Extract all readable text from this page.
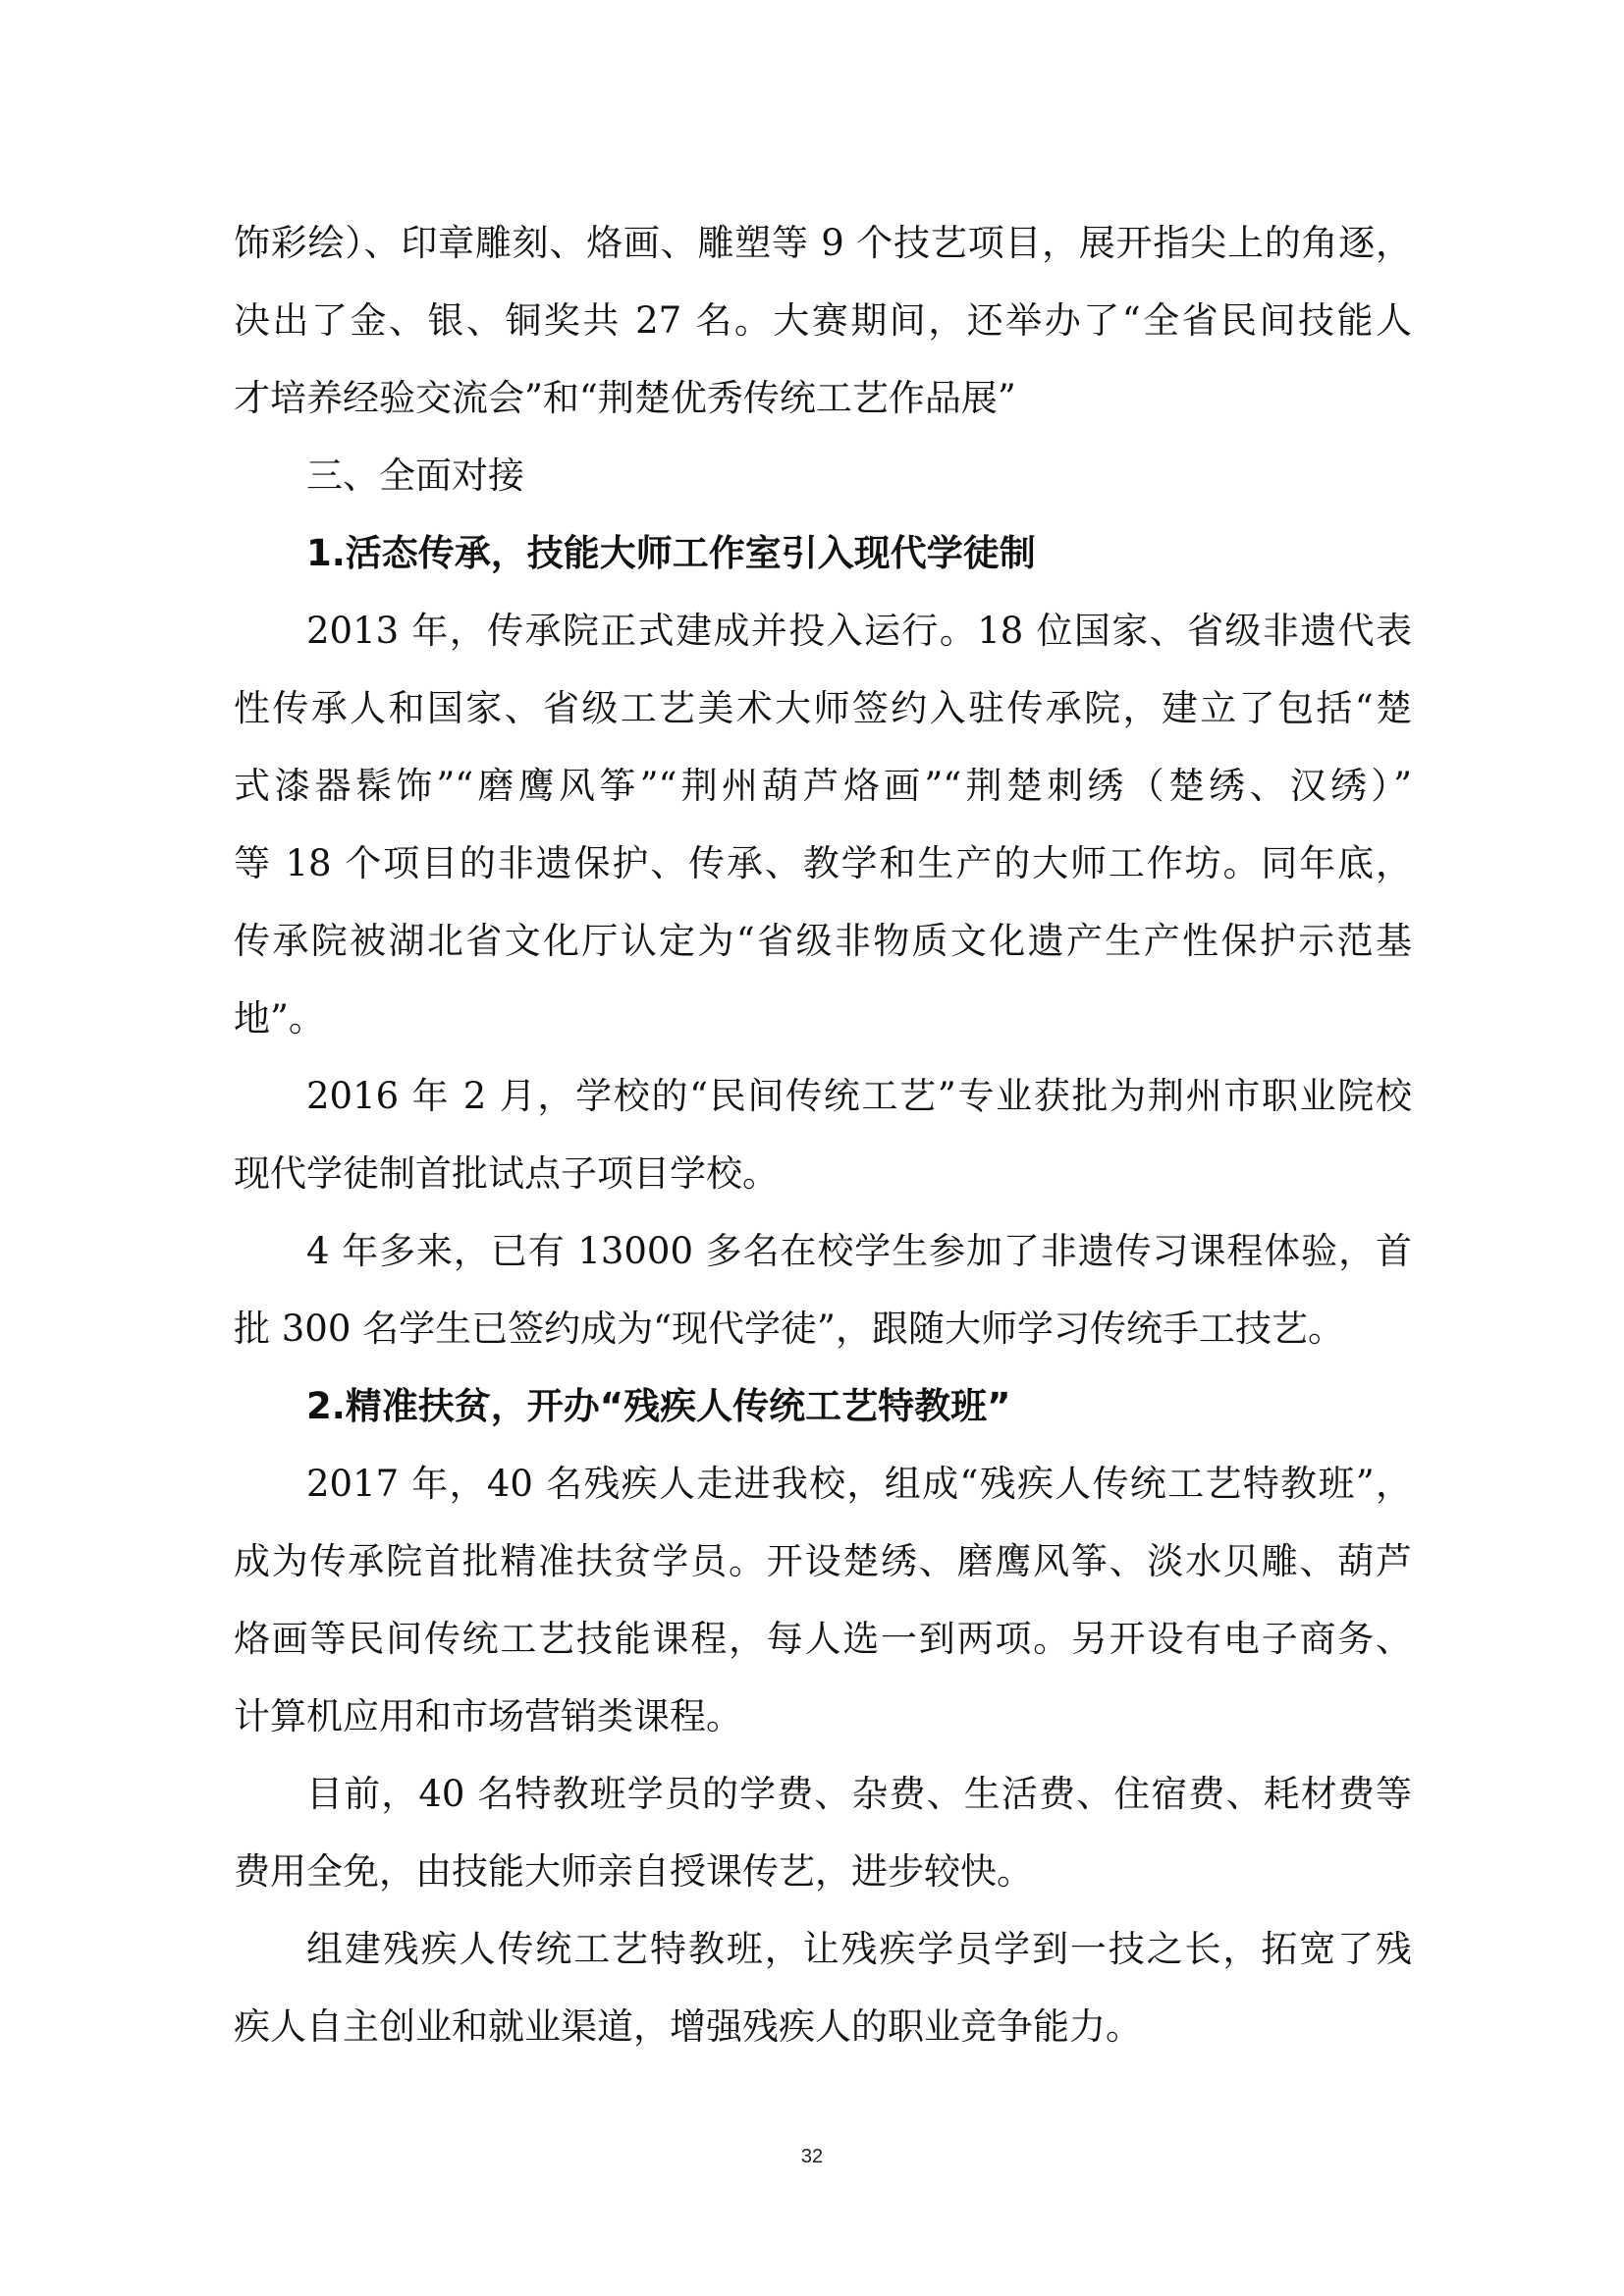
饰彩绘）、印章雕刻、烙画、雕塑等 9 个技艺项目，展开指尖上的角逐，
决出了金、银、铜奖共 27 名。大赛期间，还举办了“全省民间技能人
才培养经验交流会”和“荆楚优秀传统工艺作品展”

三、全面对接

1.活态传承，技能大师工作室引入现代学徒制

2013 年，传承院正式建成并投入运行。18 位国家、省级非遗代表
性传承人和国家、省级工艺美术大师签约入驻传承院，建立了包括“楚
式漆器髹饰”“磨鹰风筝”“荆州葫芦烙画”“荆楚刺绣（楚绣、汉绣）”
等 18 个项目的非遗保护、传承、教学和生产的大师工作坊。同年底，
传承院被湖北省文化厅认定为“省级非物质文化遗产生产性保护示范基
地”。

2016 年 2 月，学校的“民间传统工艺”专业获批为荆州市职业院校
现代学徒制首批试点子项目学校。

4 年多来，已有 13000 多名在校学生参加了非遗传习课程体验，首
批 300 名学生已签约成为“现代学徒”，跟随大师学习传统手工技艺。

2.精准扶贫，开办“残疾人传统工艺特教班”

2017 年，40 名残疾人走进我校，组成“残疾人传统工艺特教班”，
成为传承院首批精准扶贫学员。开设楚绣、磨鹰风筝、淡水贝雕、葫芦
烙画等民间传统工艺技能课程，每人选一到两项。另开设有电子商务、
计算机应用和市场营销类课程。

目前，40 名特教班学员的学费、杂费、生活费、住宿费、耗材费等
费用全免，由技能大师亲自授课传艺，进步较快。

组建残疾人传统工艺特教班，让残疾学员学到一技之长，拓宽了残
疾人自主创业和就业渠道，增强残疾人的职业竞争能力。

32
